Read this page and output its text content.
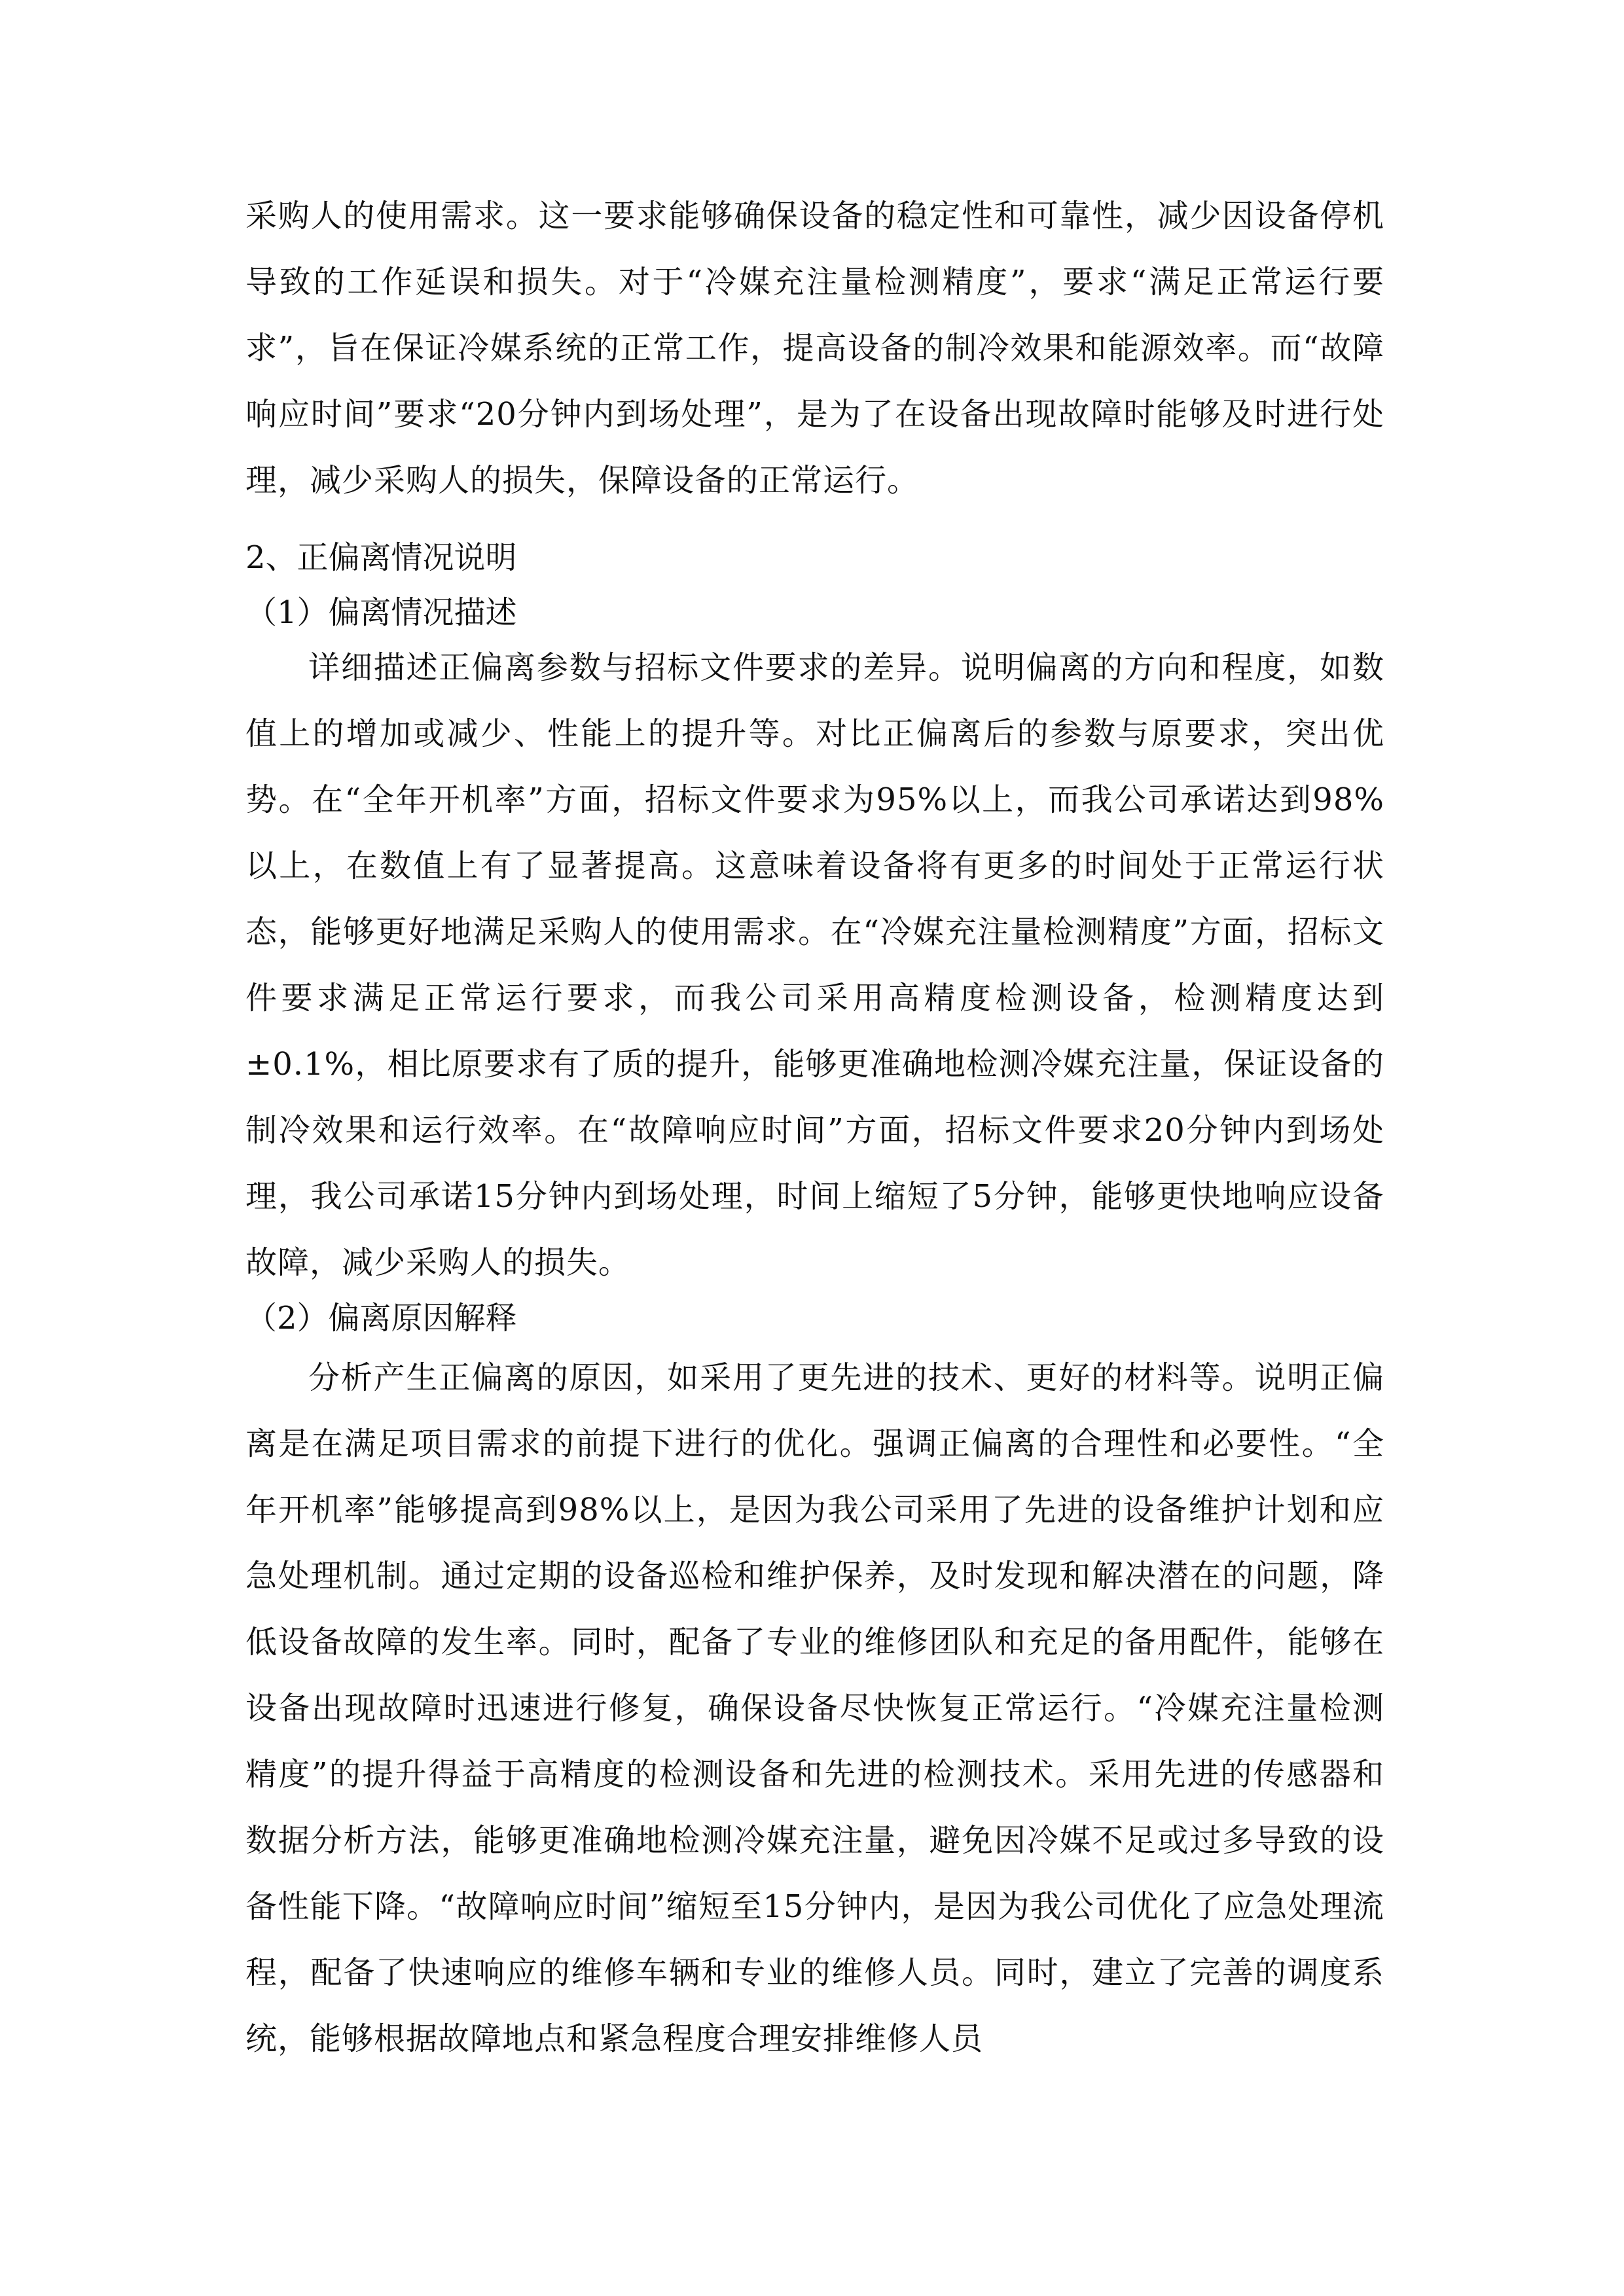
采购人的使用需求。这一要求能够确保设备的稳定性和可靠性，减少因设备停机导致的工作延误和损失。对于“冷媒充注量检测精度”，要求“满足正常运行要求”，旨在保证冷媒系统的正常工作，提高设备的制冷效果和能源效率。而“故障响应时间”要求“20分钟内到场处理”，是为了在设备出现故障时能够及时进行处理，减少采购人的损失，保障设备的正常运行。

2、正偏离情况说明

（1）偏离情况描述

详细描述正偏离参数与招标文件要求的差异。说明偏离的方向和程度，如数值上的增加或减少、性能上的提升等。对比正偏离后的参数与原要求，突出优势。在“全年开机率”方面，招标文件要求为95%以上，而我公司承诺达到98%以上，在数值上有了显著提高。这意味着设备将有更多的时间处于正常运行状态，能够更好地满足采购人的使用需求。在“冷媒充注量检测精度”方面，招标文件要求满足正常运行要求，而我公司采用高精度检测设备，检测精度达到±0.1%，相比原要求有了质的提升，能够更准确地检测冷媒充注量，保证设备的制冷效果和运行效率。在“故障响应时间”方面，招标文件要求20分钟内到场处理，我公司承诺15分钟内到场处理，时间上缩短了5分钟，能够更快地响应设备故障，减少采购人的损失。

（2）偏离原因解释

分析产生正偏离的原因，如采用了更先进的技术、更好的材料等。说明正偏离是在满足项目需求的前提下进行的优化。强调正偏离的合理性和必要性。“全年开机率”能够提高到98%以上，是因为我公司采用了先进的设备维护计划和应急处理机制。通过定期的设备巡检和维护保养，及时发现和解决潜在的问题，降低设备故障的发生率。同时，配备了专业的维修团队和充足的备用配件，能够在设备出现故障时迅速进行修复，确保设备尽快恢复正常运行。“冷媒充注量检测精度”的提升得益于高精度的检测设备和先进的检测技术。采用先进的传感器和数据分析方法，能够更准确地检测冷媒充注量，避免因冷媒不足或过多导致的设备性能下降。“故障响应时间”缩短至15分钟内，是因为我公司优化了应急处理流程，配备了快速响应的维修车辆和专业的维修人员。同时，建立了完善的调度系统，能够根据故障地点和紧急程度合理安排维修人员
